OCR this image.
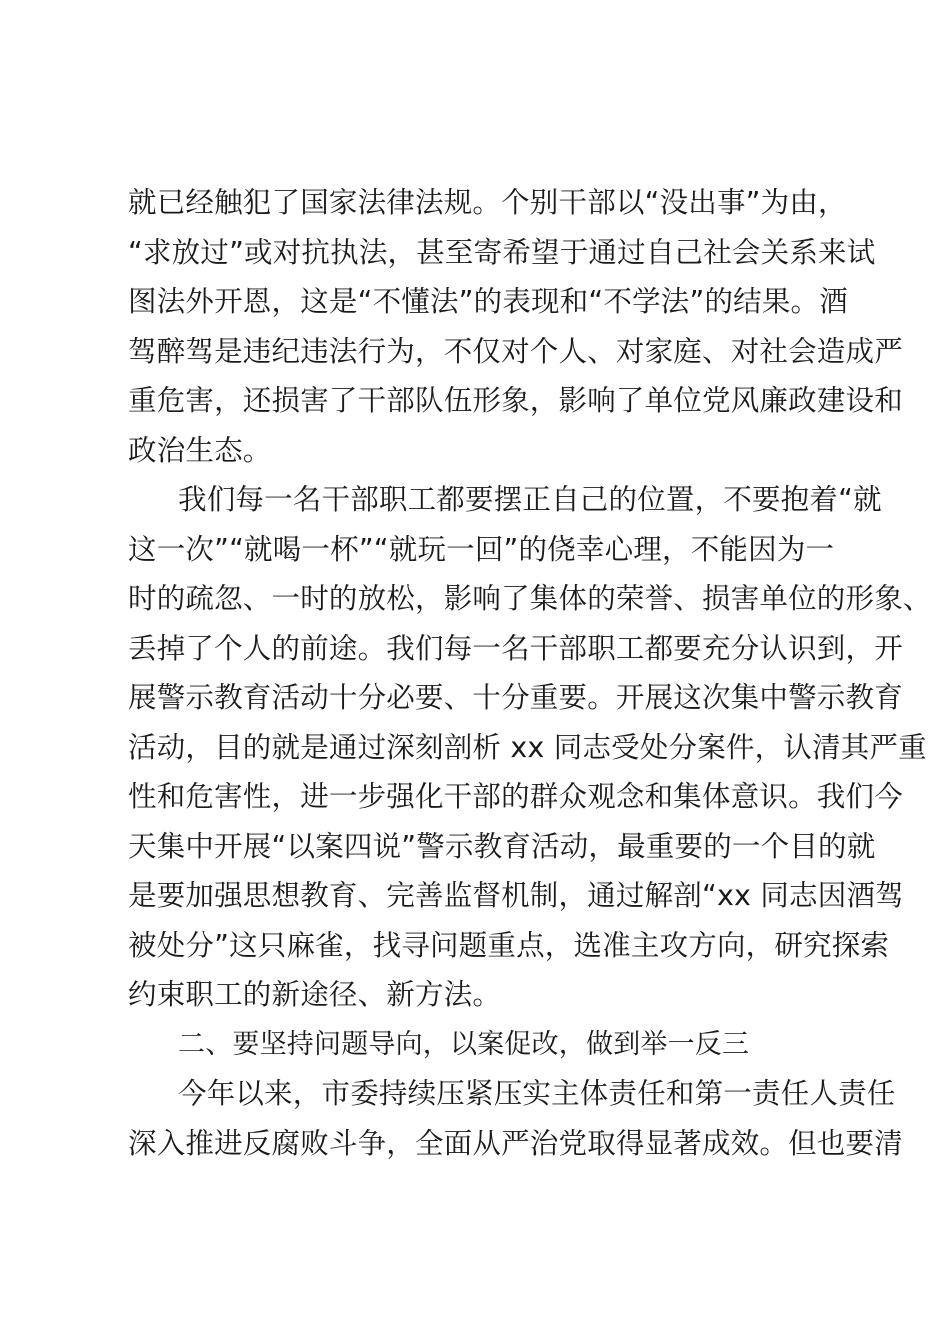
就已经触犯了国家法律法规。个别干部以“没出事”为由，
“求放过”或对抗执法，甚至寄希望于通过自己社会关系来试
图法外开恩，这是“不懂法”的表现和“不学法”的结果。酒
驾醉驾是违纪违法行为，不仅对个人、对家庭、对社会造成严
重危害，还损害了干部队伍形象，影响了单位党风廉政建设和
政治生态。
我们每一名干部职工都要摆正自己的位置，不要抱着“就
这一次”“就喝一杯”“就玩一回”的侥幸心理，不能因为一
时的疏忽、一时的放松，影响了集体的荣誉、损害单位的形象、
丢掉了个人的前途。我们每一名干部职工都要充分认识到，开
展警示教育活动十分必要、十分重要。开展这次集中警示教育
活动，目的就是通过深刻剖析 xx 同志受处分案件，认清其严重
性和危害性，进一步强化干部的群众观念和集体意识。我们今
天集中开展“以案四说”警示教育活动，最重要的一个目的就
是要加强思想教育、完善监督机制，通过解剖“xx 同志因酒驾
被处分”这只麻雀，找寻问题重点，选准主攻方向，研究探索
约束职工的新途径、新方法。
二、要坚持问题导向，以案促改，做到举一反三
今年以来，市委持续压紧压实主体责任和第一责任人责任
深入推进反腐败斗争，全面从严治党取得显著成效。但也要清
